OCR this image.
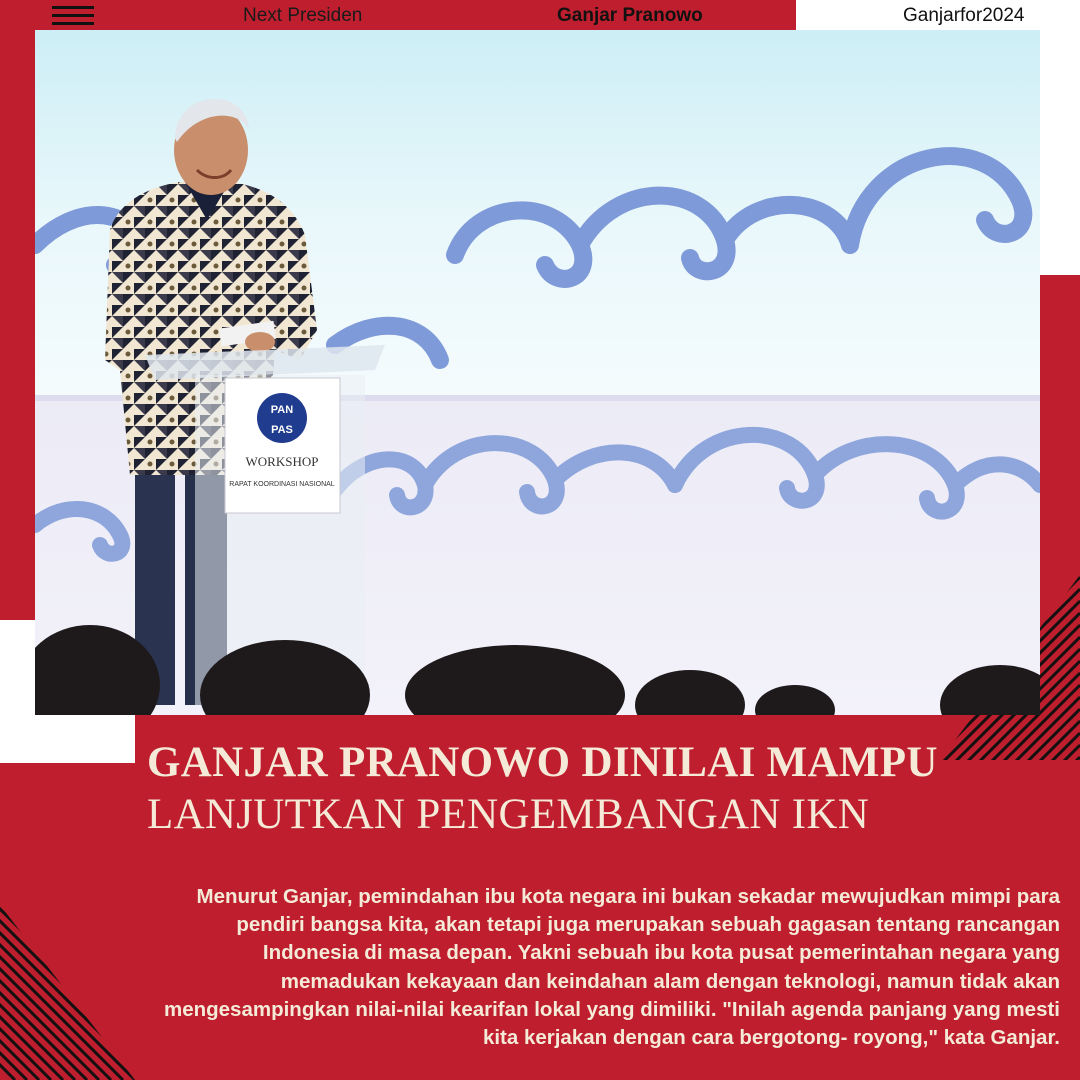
Next Presiden	Ganjar Pranowo	Ganjarfor2024
PAN
PAS
WORKSHOP
RAPAT KOORDINASI NASIONAL
GANJAR PRANOWO DINILAI MAMPU
LANJUTKAN PENGEMBANGAN IKN
Menurut Ganjar, pemindahan ibu kota negara ini bukan sekadar mewujudkan mimpi para pendiri bangsa kita, akan tetapi juga merupakan sebuah gagasan tentang rancangan Indonesia di masa depan. Yakni sebuah ibu kota pusat pemerintahan negara yang memadukan kekayaan dan keindahan alam dengan teknologi, namun tidak akan mengesampingkan nilai-nilai kearifan lokal yang dimiliki. "Inilah agenda panjang yang mesti kita kerjakan dengan cara bergotong- royong," kata Ganjar.
